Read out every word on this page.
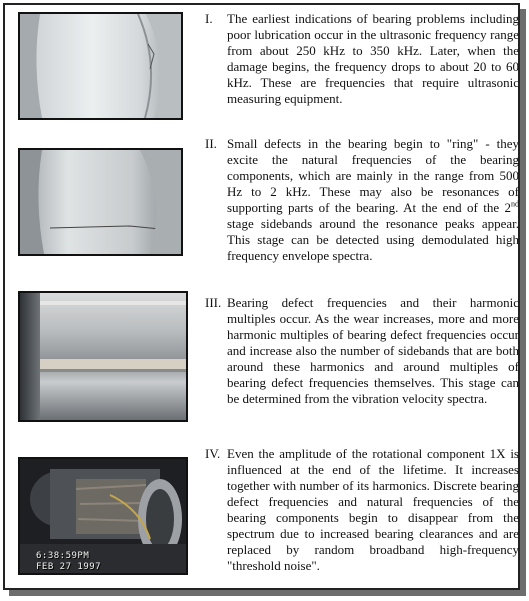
I. The earliest indications of bearing problems including poor lubrication occur in the ultrasonic frequency range from about 250 kHz to 350 kHz. Later, when the damage begins, the frequency drops to about 20 to 60 kHz. These are frequencies that require ultrasonic measuring equipment.
II. Small defects in the bearing begin to "ring" - they excite the natural frequencies of the bearing components, which are mainly in the range from 500 Hz to 2 kHz. These may also be resonances of supporting parts of the bearing. At the end of the 2nd stage sidebands around the resonance peaks appear. This stage can be detected using demodulated high frequency envelope spectra.
III. Bearing defect frequencies and their harmonic multiples occur. As the wear increases, more and more harmonic multiples of bearing defect frequencies occur and increase also the number of sidebands that are both around these harmonics and around multiples of bearing defect frequencies themselves. This stage can be determined from the vibration velocity spectra.
6:38:59PM
FEB 27 1997
IV. Even the amplitude of the rotational component 1X is influenced at the end of the lifetime. It increases together with number of its harmonics. Discrete bearing defect frequencies and natural frequencies of the bearing components begin to disappear from the spectrum due to increased bearing clearances and are replaced by random broadband high-frequency "threshold noise".
